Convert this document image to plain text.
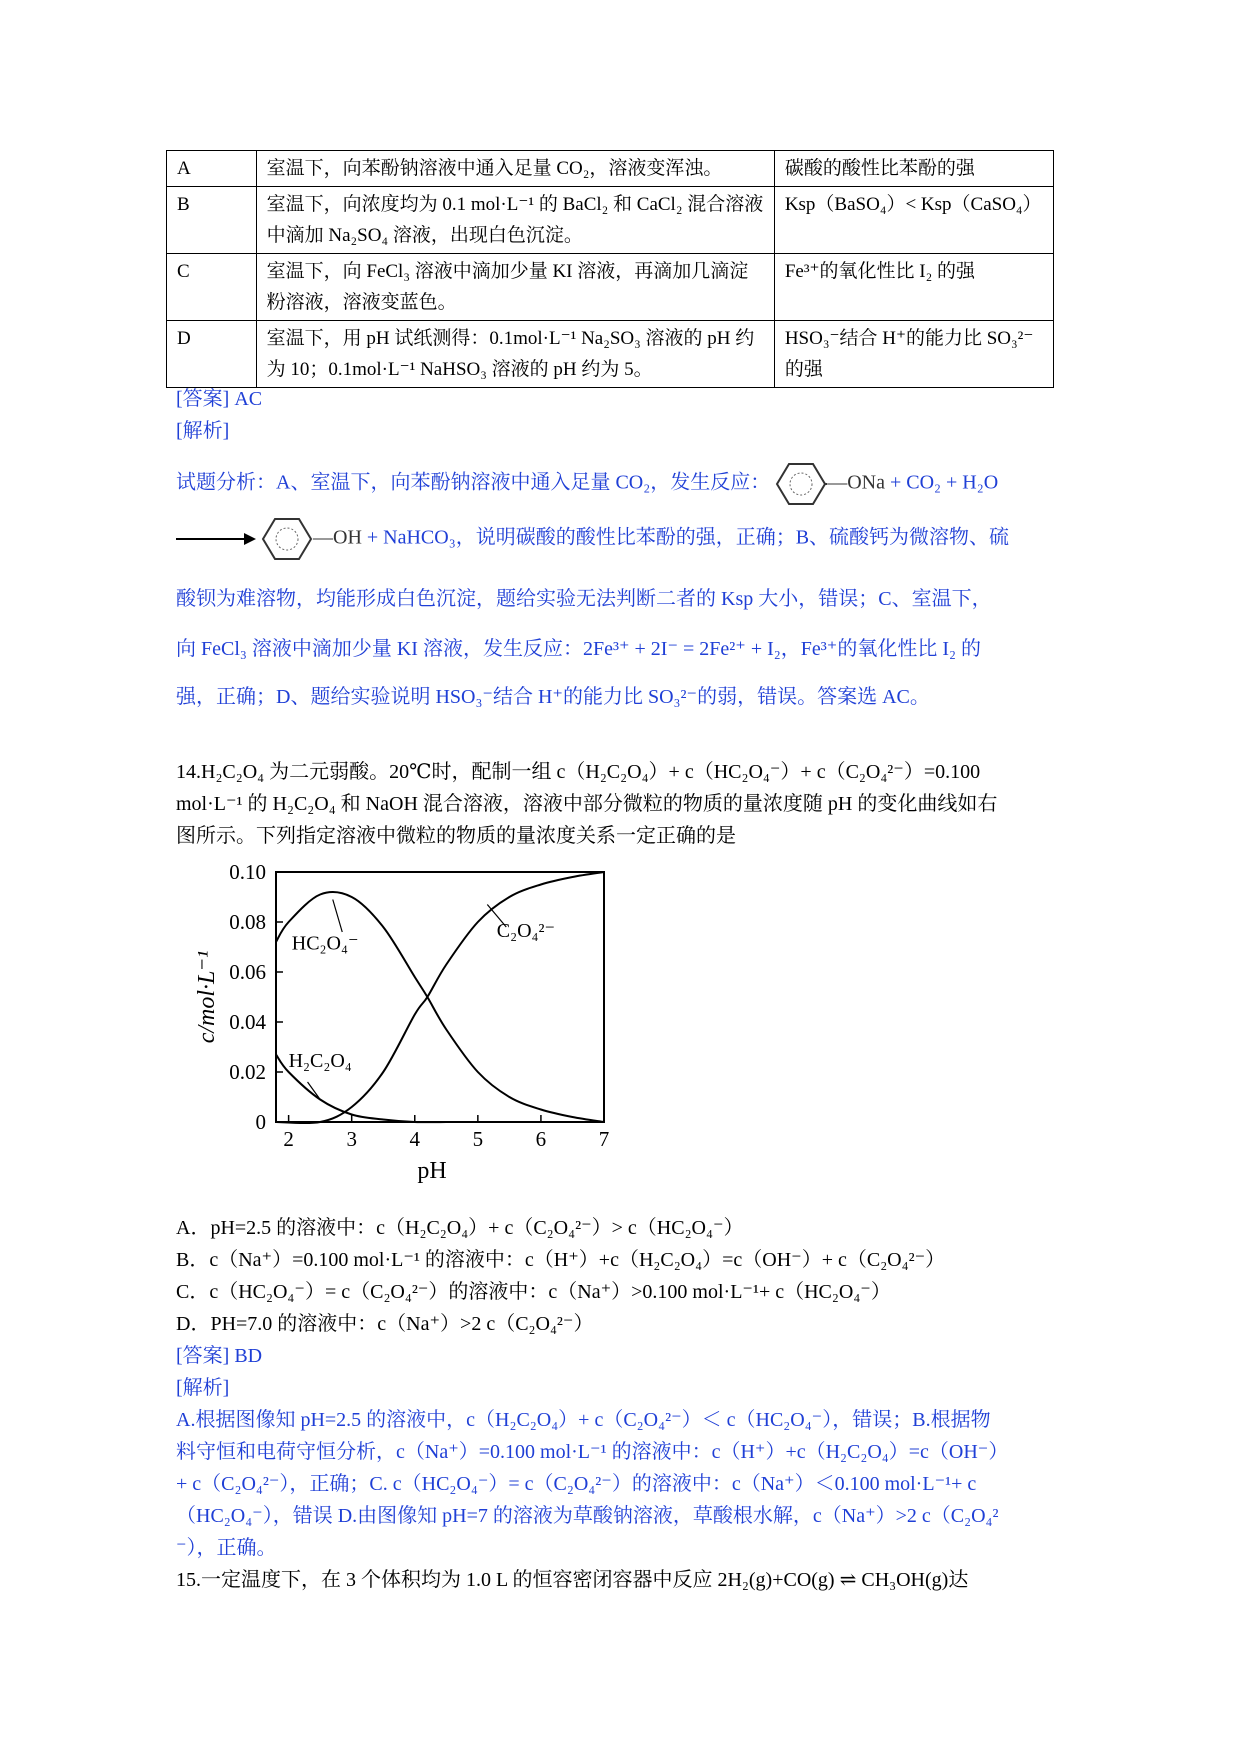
A	室温下，向苯酚钠溶液中通入足量 CO₂，溶液变浑浊。	碳酸的酸性比苯酚的强
B	室温下，向浓度均为 0.1 mol·L⁻¹ 的 BaCl₂ 和 CaCl₂ 混合溶液中滴加 Na₂SO₄ 溶液，出现白色沉淀。	Ksp（BaSO₄）< Ksp（CaSO₄）
C	室温下，向 FeCl₃ 溶液中滴加少量 KI 溶液，再滴加几滴淀粉溶液，溶液变蓝色。	Fe³⁺的氧化性比 I₂ 的强
D	室温下，用 pH 试纸测得：0.1mol·L⁻¹ Na₂SO₃ 溶液的 pH 约为 10；0.1mol·L⁻¹ NaHSO₃ 溶液的 pH 约为 5。	HSO₃⁻结合 H⁺的能力比 SO₃²⁻的强
[答案] AC
[解析]
试题分析：A、室温下，向苯酚钠溶液中通入足量 CO₂，发生反应：	—ONa + CO₂ + H₂O
—OH + NaHCO₃，说明碳酸的酸性比苯酚的强，正确；B、硫酸钙为微溶物、硫
酸钡为难溶物，均能形成白色沉淀，题给实验无法判断二者的 Ksp 大小，错误；C、室温下，
向 FeCl₃ 溶液中滴加少量 KI 溶液，发生反应：2Fe³⁺ + 2I⁻ = 2Fe²⁺ + I₂，Fe³⁺的氧化性比 I₂ 的
强，正确；D、题给实验说明 HSO₃⁻结合 H⁺的能力比 SO₃²⁻的弱，错误。答案选 AC。
14.H₂C₂O₄ 为二元弱酸。20℃时，配制一组 c（H₂C₂O₄）+ c（HC₂O₄⁻）+ c（C₂O₄²⁻）=0.100
mol·L⁻¹ 的 H₂C₂O₄ 和 NaOH 混合溶液，溶液中部分微粒的物质的量浓度随 pH 的变化曲线如右
图所示。下列指定溶液中微粒的物质的量浓度关系一定正确的是
2	3	4	5	6	7
0
0.02
0.04
0.06
0.08
0.10
pH
c/mol·L⁻¹
HC₂O₄⁻
C₂O₄²⁻
H₂C₂O₄
A．pH=2.5 的溶液中：c（H₂C₂O₄）+ c（C₂O₄²⁻）> c（HC₂O₄⁻）
B．c（Na⁺）=0.100 mol·L⁻¹ 的溶液中：c（H⁺）+c（H₂C₂O₄）=c（OH⁻）+ c（C₂O₄²⁻）
C．c（HC₂O₄⁻）= c（C₂O₄²⁻）的溶液中：c（Na⁺）>0.100 mol·L⁻¹+ c（HC₂O₄⁻）
D．PH=7.0 的溶液中：c（Na⁺）>2 c（C₂O₄²⁻）
[答案] BD
[解析]
A.根据图像知 pH=2.5 的溶液中，c（H₂C₂O₄）+ c（C₂O₄²⁻）＜ c（HC₂O₄⁻），错误；B.根据物
料守恒和电荷守恒分析，c（Na⁺）=0.100 mol·L⁻¹ 的溶液中：c（H⁺）+c（H₂C₂O₄）=c（OH⁻）
+ c（C₂O₄²⁻），正确；C. c（HC₂O₄⁻）= c（C₂O₄²⁻）的溶液中：c（Na⁺）＜0.100 mol·L⁻¹+ c
（HC₂O₄⁻），错误 D.由图像知 pH=7 的溶液为草酸钠溶液，草酸根水解，c（Na⁺）>2 c（C₂O₄²
⁻），正确。
15.一定温度下，在 3 个体积均为 1.0 L 的恒容密闭容器中反应 2H₂(g)+CO(g) ⇌ CH₃OH(g)达
